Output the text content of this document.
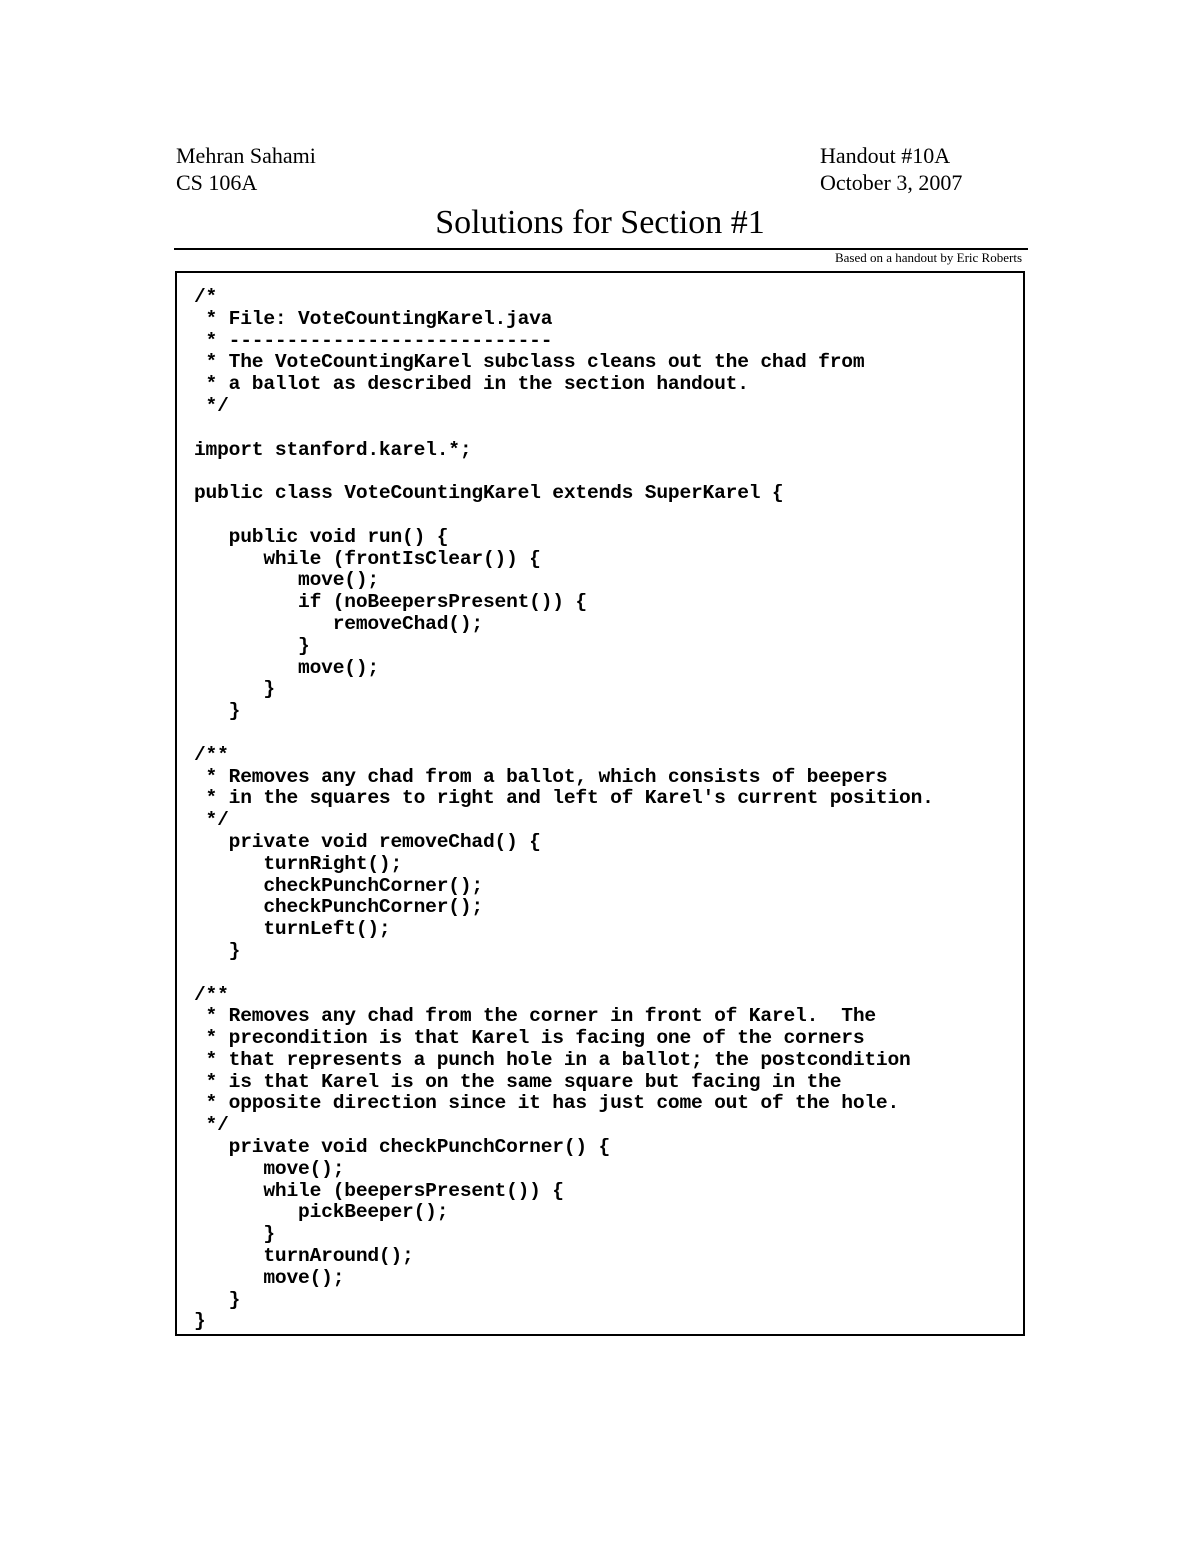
Mehran Sahami
CS 106A
Handout #10A
October 3, 2007
Solutions for Section #1
Based on a handout by Eric Roberts
/*
* File: VoteCountingKarel.java
* ----------------------------
* The VoteCountingKarel subclass cleans out the chad from
* a ballot as described in the section handout.
*/

import stanford.karel.*;

public class VoteCountingKarel extends SuperKarel {

public void run() {
while (frontIsClear()) {
move();
if (noBeepersPresent()) {
removeChad();
}
move();
}
}

/**
* Removes any chad from a ballot, which consists of beepers
* in the squares to right and left of Karel's current position.
*/
private void removeChad() {
turnRight();
checkPunchCorner();
checkPunchCorner();
turnLeft();
}

/**
* Removes any chad from the corner in front of Karel.  The
* precondition is that Karel is facing one of the corners
* that represents a punch hole in a ballot; the postcondition
* is that Karel is on the same square but facing in the
* opposite direction since it has just come out of the hole.
*/
private void checkPunchCorner() {
move();
while (beepersPresent()) {
pickBeeper();
}
turnAround();
move();
}
}
